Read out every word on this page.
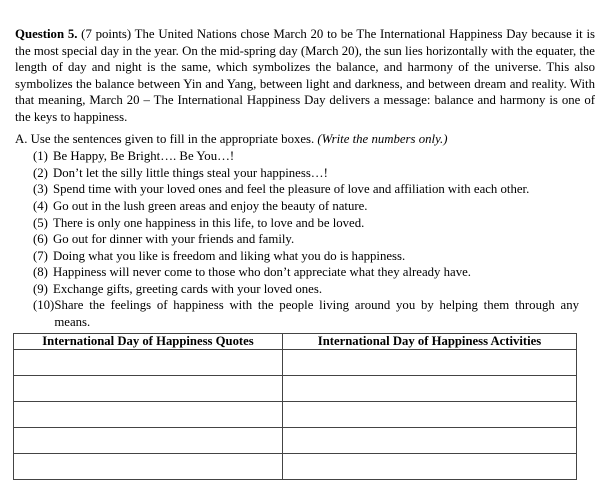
Question 5. (7 points) The United Nations chose March 20 to be The International Happiness Day because it is the most special day in the year. On the mid-spring day (March 20), the sun lies horizontally with the equater, the length of day and night is the same, which symbolizes the balance, and harmony of the universe. This also symbolizes the balance between Yin and Yang, between light and darkness, and between dream and reality. With that meaning, March 20 – The International Happiness Day delivers a message: balance and harmony is one of the keys to happiness.

A. Use the sentences given to fill in the appropriate boxes. (Write the numbers only.)

(1) Be Happy, Be Bright…. Be You…!
(2) Don’t let the silly little things steal your happiness…!
(3) Spend time with your loved ones and feel the pleasure of love and affiliation with each other.
(4) Go out in the lush green areas and enjoy the beauty of nature.
(5) There is only one happiness in this life, to love and be loved.
(6) Go out for dinner with your friends and family.
(7) Doing what you like is freedom and liking what you do is happiness.
(8) Happiness will never come to those who don’t appreciate what they already have.
(9) Exchange gifts, greeting cards with your loved ones.
(10) Share the feelings of happiness with the people living around you by helping them through any means.
International Day of Happiness Quotes	International Day of Happiness Activities
